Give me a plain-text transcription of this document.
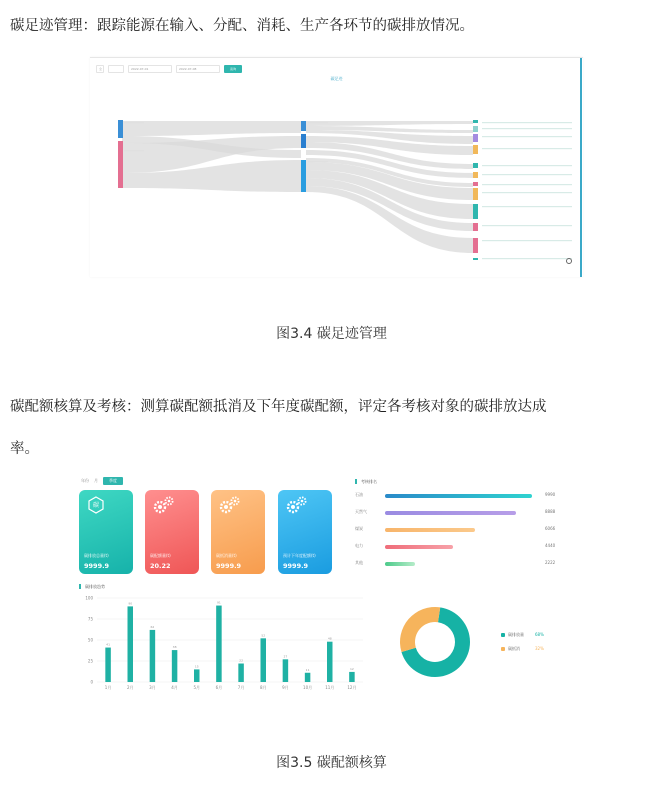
碳足迹管理：跟踪能源在输入、分配、消耗、生产各环节的碳排放情况。
全	2022-07-01	2022-07-08	查询
碳足迹
图3.4 碳足迹管理
碳配额核算及考核：测算碳配额抵消及下年度碳配额，评定各考核对象的碳排放达成
率。
年份	月	季度
碳
碳排放总量(t)
9999.9
碳配额量(t)
20.22
碳抵消量(t)
9999.9
预计下年度配额(t)
9999.9
考核排名
石油	9990
天然气	8888
煤炭	6066
电力	4440
其他	2222
碳排放趋势
0
25
50
75
100
41
1月
90
2月
62
3月
38
4月
15
5月
91
6月
22
7月
52
8月
27
9月
11
10月
48
11月
12
12月
碳排放量	68%
碳抵消	32%
图3.5 碳配额核算
